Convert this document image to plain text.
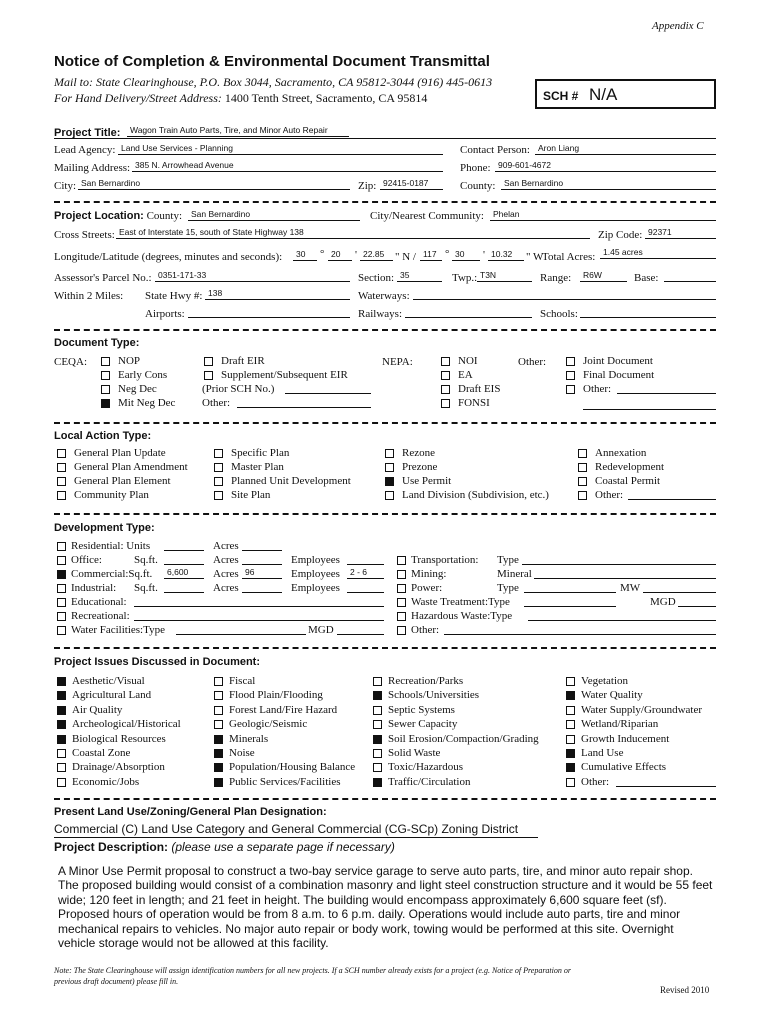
Appendix C
Notice of Completion & Environmental Document Transmittal
Mail to: State Clearinghouse, P.O. Box 3044, Sacramento, CA 95812-3044 (916) 445-0613
For Hand Delivery/Street Address: 1400 Tenth Street, Sacramento, CA 95814	SCH # N/A
Project Title: Wagon Train Auto Parts, Tire, and Minor Auto Repair
Lead Agency: Land Use Services - Planning	Contact Person: Aron Liang
Mailing Address: 385 N. Arrowhead Avenue	Phone: 909-601-4672
City: San Bernardino	Zip: 92415-0187	County: San Bernardino
Project Location: County: San Bernardino	City/Nearest Community: Phelan
Cross Streets: East of Interstate 15, south of State Highway 138	Zip Code: 92371
Longitude/Latitude (degrees, minutes and seconds): 30 ° 20 ' 22.85 " N / 117 ° 30 ' 10.32 " W
Total Acres: 1.45 acres
Assessor's Parcel No.: 0351-171-33	Section: 35	Twp.: T3N	Range: R6W	Base:
Within 2 Miles: State Hwy #: 138	Waterways:
Airports:	Railways:	Schools:
Document Type:
CEQA:	NOP
Early Cons
Neg Dec
Mit Neg Dec
Draft EIR
Supplement/Subsequent EIR
(Prior SCH No.)
Other:
NEPA:	NOI
EA
Draft EIS
FONSI
Other:	Joint Document
Final Document
Other:
Local Action Type:
General Plan Update
General Plan Amendment
General Plan Element
Community Plan
Specific Plan
Master Plan
Planned Unit Development
Site Plan
Rezone
Prezone
Use Permit
Land Division (Subdivision, etc.)
Annexation
Redevelopment
Coastal Permit
Other:
Development Type:
Residential: Units	Acres
Office:	Sq.ft.	Acres	Employees
Commercial:Sq.ft. 6,600 Acres 96	Employees 2 - 6
Industrial: Sq.ft.	Acres	Employees
Educational:
Recreational:
Water Facilities:Type	MGD
Transportation: Type
Mining:	Mineral
Power:	Type	MW
Waste Treatment:Type	MGD
Hazardous Waste:Type
Other:
Project Issues Discussed in Document:
Aesthetic/Visual
Agricultural Land
Air Quality
Archeological/Historical
Biological Resources
Coastal Zone
Drainage/Absorption
Economic/Jobs
Fiscal
Flood Plain/Flooding
Forest Land/Fire Hazard
Geologic/Seismic
Minerals
Noise
Population/Housing Balance
Public Services/Facilities
Recreation/Parks
Schools/Universities
Septic Systems
Sewer Capacity
Soil Erosion/Compaction/Grading
Solid Waste
Toxic/Hazardous
Traffic/Circulation
Vegetation
Water Quality
Water Supply/Groundwater
Wetland/Riparian
Growth Inducement
Land Use
Cumulative Effects
Other:
Present Land Use/Zoning/General Plan Designation:
Commercial (C) Land Use Category and General Commercial (CG-SCp) Zoning District
Project Description: (please use a separate page if necessary)
A Minor Use Permit proposal to construct a two-bay service garage to serve auto parts, tire, and minor auto repair shop.
The proposed building would consist of a combination masonry and light steel construction structure and it would be 55 feet
wide; 120 feet in length; and 21 feet in height. The building would encompass approximately 6,600 square feet (sf).
Proposed hours of operation would be from 8 a.m. to 6 p.m. daily. Operations would include auto parts, tire and minor
mechanical repairs to vehicles. No major auto repair or body work, towing would be performed at this site. Overnight
vehicle storage would not be allowed at this facility.
Note: The State Clearinghouse will assign identification numbers for all new projects. If a SCH number already exists for a project (e.g. Notice of Preparation or
previous draft document) please fill in.
Revised 2010
